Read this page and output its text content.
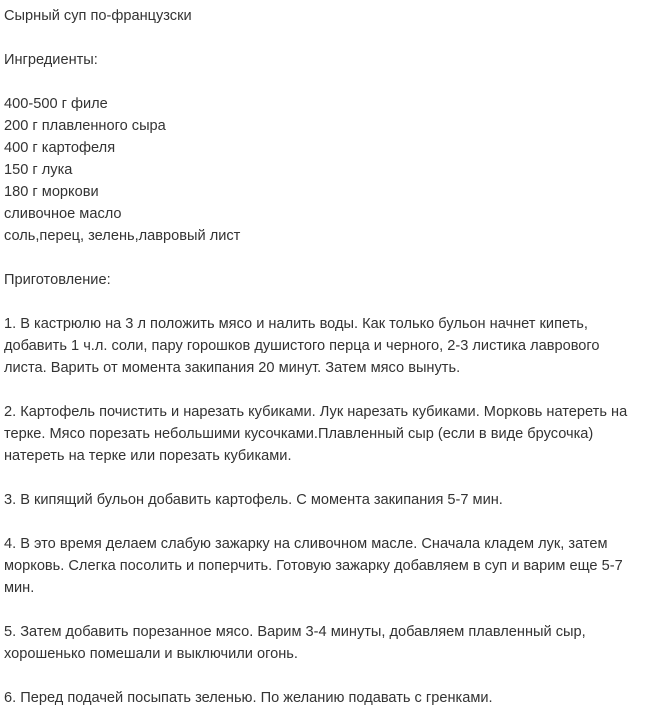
Сырный суп по-французски
Ингредиенты:
400-500 г филе
200 г плавленного сыра
400 г картофеля
150 г лука
180 г моркови
сливочное масло
соль,перец, зелень,лавровый лист
Приготовление:
1. В кастрюлю на 3 л положить мясо и налить воды. Как только бульон начнет кипеть,
добавить 1 ч.л. соли, пару горошков душистого перца и черного, 2-3 листика лаврового
листа. Варить от момента закипания 20 минут. Затем мясо вынуть.
2. Картофель почистить и нарезать кубиками. Лук нарезать кубиками. Морковь натереть на
терке. Мясо порезать небольшими кусочками.Плавленный сыр (если в виде брусочка)
натереть на терке или порезать кубиками.
3. В кипящий бульон добавить картофель. С момента закипания 5-7 мин.
4. В это время делаем слабую зажарку на сливочном масле. Сначала кладем лук, затем
морковь. Слегка посолить и поперчить. Готовую зажарку добавляем в суп и варим еще 5-7
мин.
5. Затем добавить порезанное мясо. Варим 3-4 минуты, добавляем плавленный сыр,
хорошенько помешали и выключили огонь.
6. Перед подачей посыпать зеленью. По желанию подавать с гренками.
